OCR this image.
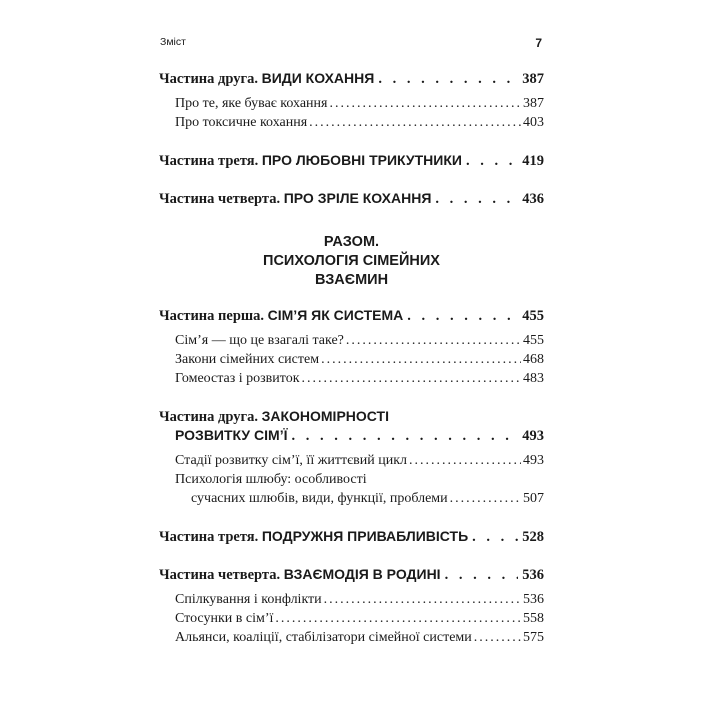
Зміст	7
Частина друга.
ВИДИ КОХАННЯ . . .	387
Про те, яке буває кохання .....	387
Про токсичне кохання .....	403
Частина третя.
ПРО ЛЮБОВНІ ТРИКУТНИКИ . . .	419
Частина четверта.
ПРО ЗРІЛЕ КОХАННЯ . . .	436
РАЗОМ.
ПСИХОЛОГІЯ СІМЕЙНИХ
ВЗАЄМИН
Частина перша.
СІМ’Я ЯК СИСТЕМА . . .	455
Сім’я — що це взагалі таке? .....	455
Закони сімейних систем .....	468
Гомеостаз і розвиток .....	483
Частина друга. ЗАКОНОМІРНОСТІ
РОЗВИТКУ СІМ’Ї . . .	493
Стадії розвитку сім’ї, її життєвий цикл .....	493
Психологія шлюбу: особливості
сучасних шлюбів, види, функції, проблеми .....	507
Частина третя.
ПОДРУЖНЯ ПРИВАБЛИВІСТЬ . . .	528
Частина четверта.
ВЗАЄМОДІЯ В РОДИНІ . . .	536
Спілкування і конфлікти .....	536
Стосунки в сім’ї .....	558
Альянси, коаліції, стабілізатори сімейної системи .....	575
